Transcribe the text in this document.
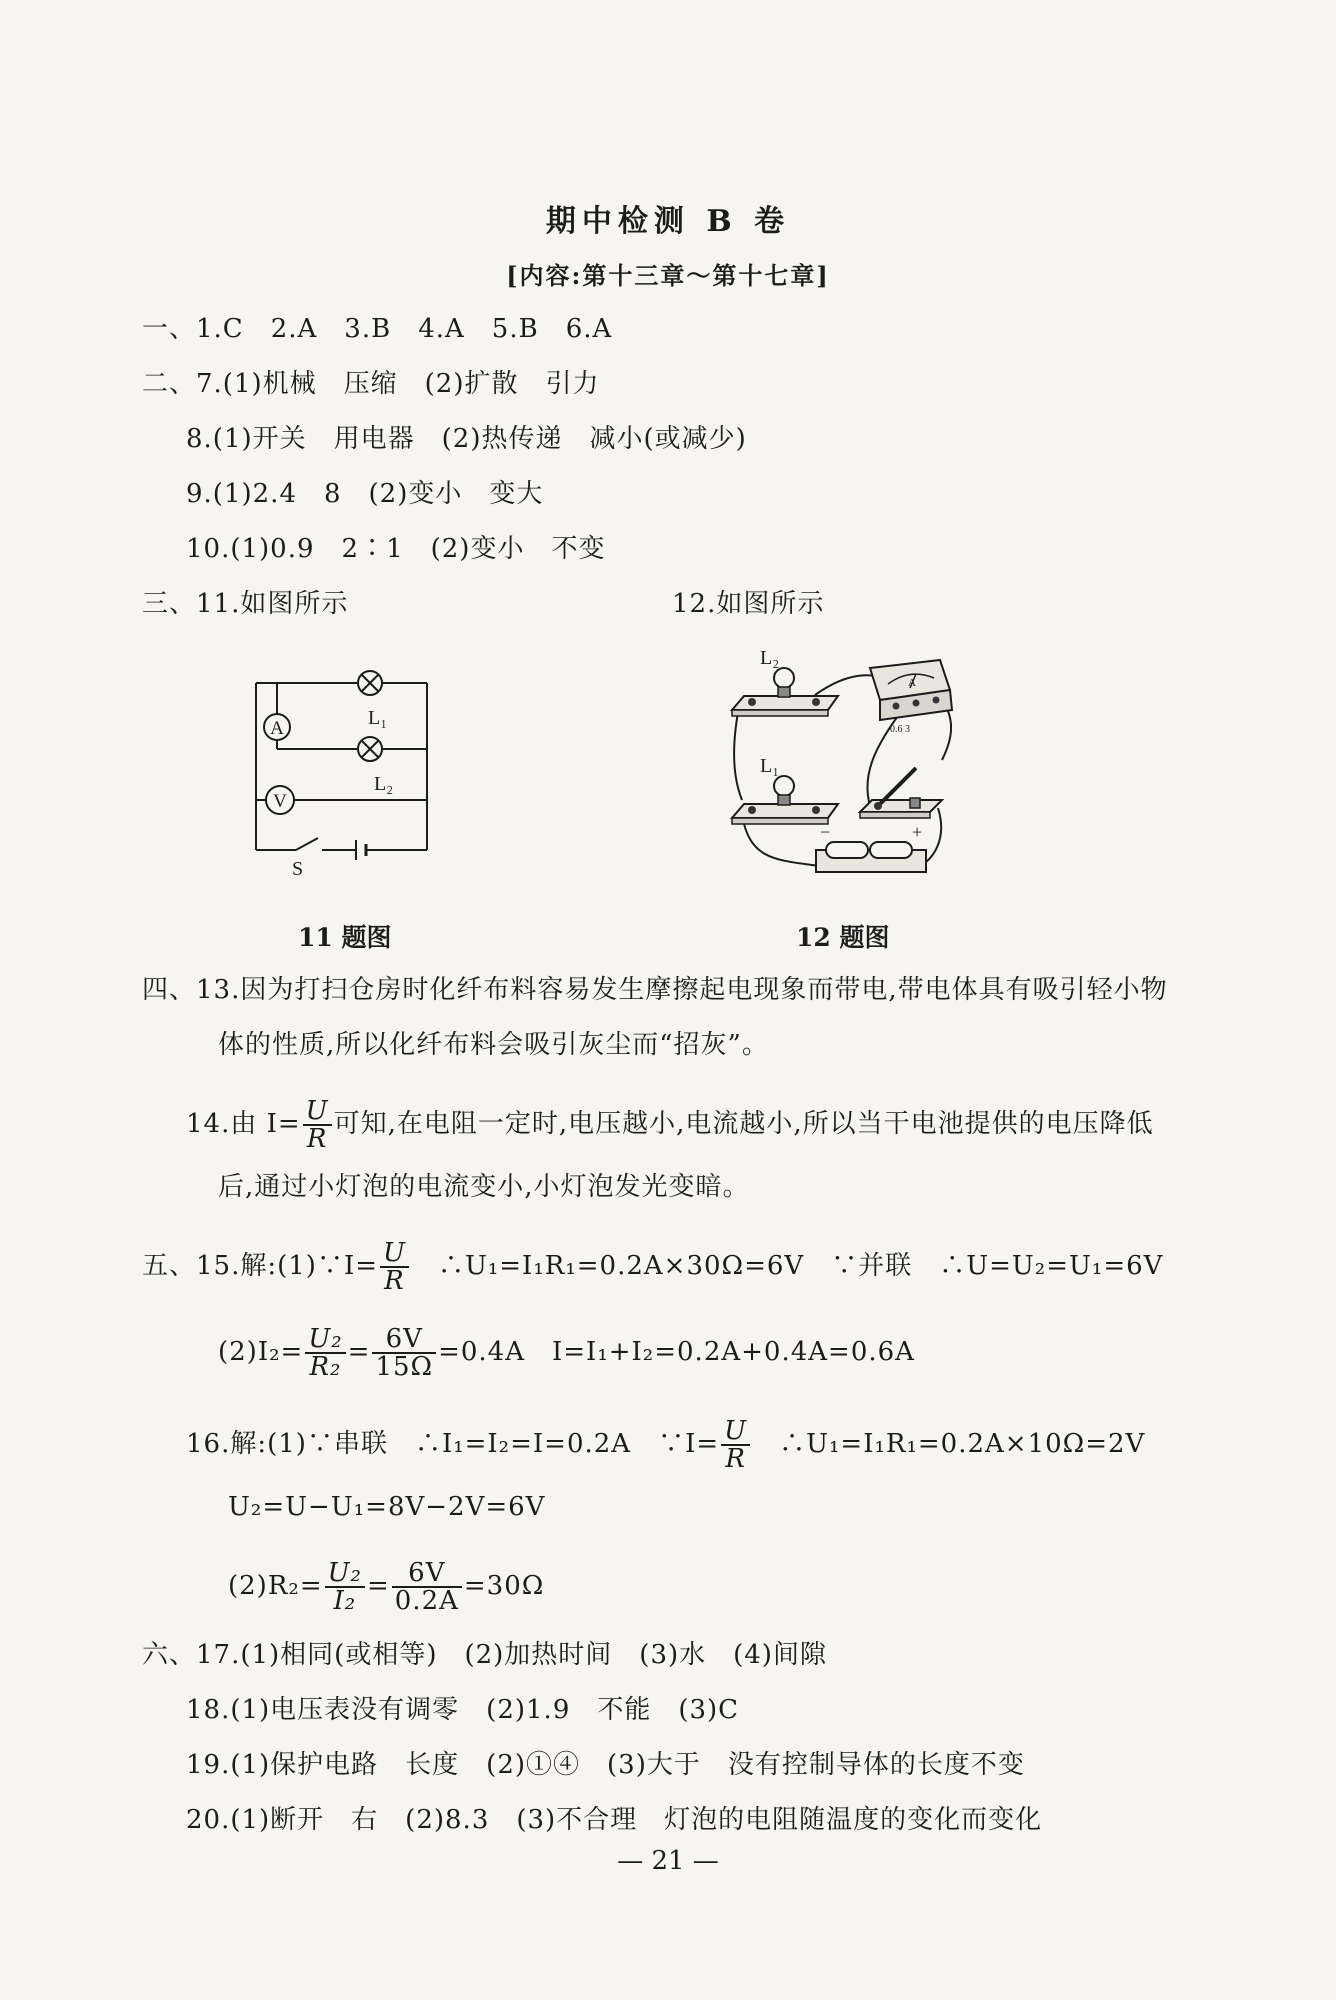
期中检测 B 卷
[内容:第十三章～第十七章]
一、1.C　2.A　3.B　4.A　5.B　6.A
二、7.(1)机械　压缩　(2)扩散　引力
8.(1)开关　用电器　(2)热传递　减小(或减少)
9.(1)2.4　8　(2)变小　变大
10.(1)0.9　2∶1　(2)变小　不变
三、11.如图所示	12.如图所示
A
V
L₁
L₂
S
A
0.6 3
−	+
L₂
L₁
11 题图	12 题图
四、13.因为打扫仓房时化纤布料容易发生摩擦起电现象而带电,带电体具有吸引轻小物
体的性质,所以化纤布料会吸引灰尘而“招灰”。
14.由 $I= \frac{U}{R}$ 可知,在电阻一定时,电压越小,电流越小,所以当干电池提供的电压降低
后,通过小灯泡的电流变小,小灯泡发光变暗。
五、15.解:(1)∵I= $\frac{U}{R}$
　 ∴U₁=I₁R₁=0.2A×30Ω=6V　∵并联　∴U=U₂=U₁=6V
$(2)I_2= \frac{\text{U₂}}{\text{R₂}} = \frac{6V}{15\Omega} =0.4A$　I=I₁+I₂=0.2A+0.4A=0.6A
16.解:(1)∵串联　∴I₁=I₂=I=0.2A　∵I= $\frac{U}{R}$
　 ∴U₁=I₁R₁=0.2A×10Ω=2V
U₂=U−U₁=8V−2V=6V
$(2)R_2= \frac{\text{U₂}}{\text{I₂}} = \frac{6V}{0.2A} =30\Omega$
六、17.(1)相同(或相等)　(2)加热时间　(3)水　(4)间隙
18.(1)电压表没有调零　(2)1.9　不能　(3)C
19.(1)保护电路　长度　(2)①④　(3)大于　没有控制导体的长度不变
20.(1)断开　右　(2)8.3　(3)不合理　灯泡的电阻随温度的变化而变化
— 21 —
